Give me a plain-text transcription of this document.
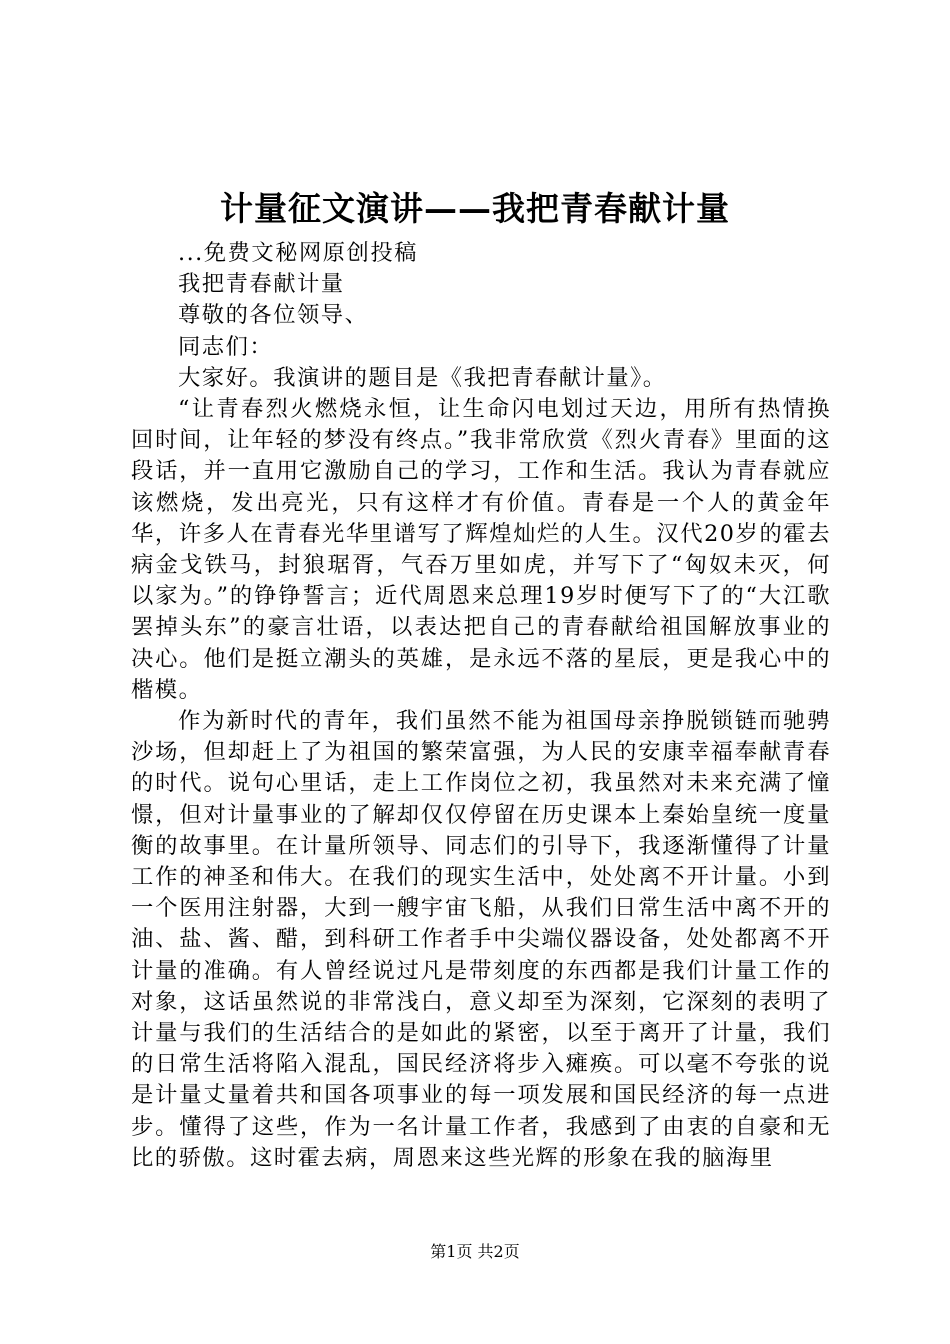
计量征文演讲——我把青春献计量

...免费文秘网原创投稿

我把青春献计量

尊敬的各位领导、

同志们：

大家好。我演讲的题目是《我把青春献计量》。

“让青春烈火燃烧永恒，让生命闪电划过天边，用所有热情换回时间，让年轻的梦没有终点。”我非常欣赏《烈火青春》里面的这段话，并一直用它激励自己的学习，工作和生活。我认为青春就应该燃烧，发出亮光，只有这样才有价值。青春是一个人的黄金年华，许多人在青春光华里谱写了辉煌灿烂的人生。汉代20岁的霍去病金戈铁马，封狼琚胥，气吞万里如虎，并写下了“匈奴未灭，何以家为。”的铮铮誓言；近代周恩来总理19岁时便写下了的“大江歌罢掉头东”的豪言壮语，以表达把自己的青春献给祖国解放事业的决心。他们是挺立潮头的英雄，是永远不落的星辰，更是我心中的楷模。

作为新时代的青年，我们虽然不能为祖国母亲挣脱锁链而驰骋沙场，但却赶上了为祖国的繁荣富强，为人民的安康幸福奉献青春的时代。说句心里话，走上工作岗位之初，我虽然对未来充满了憧憬，但对计量事业的了解却仅仅停留在历史课本上秦始皇统一度量衡的故事里。在计量所领导、同志们的引导下，我逐渐懂得了计量工作的神圣和伟大。在我们的现实生活中，处处离不开计量。小到一个医用注射器，大到一艘宇宙飞船，从我们日常生活中离不开的油、盐、酱、醋，到科研工作者手中尖端仪器设备，处处都离不开计量的准确。有人曾经说过凡是带刻度的东西都是我们计量工作的对象，这话虽然说的非常浅白，意义却至为深刻，它深刻的表明了计量与我们的生活结合的是如此的紧密，以至于离开了计量，我们的日常生活将陷入混乱，国民经济将步入瘫痪。可以毫不夸张的说是计量丈量着共和国各项事业的每一项发展和国民经济的每一点进步。懂得了这些，作为一名计量工作者，我感到了由衷的自豪和无比的骄傲。这时霍去病，周恩来这些光辉的形象在我的脑海里

第1页 共2页
